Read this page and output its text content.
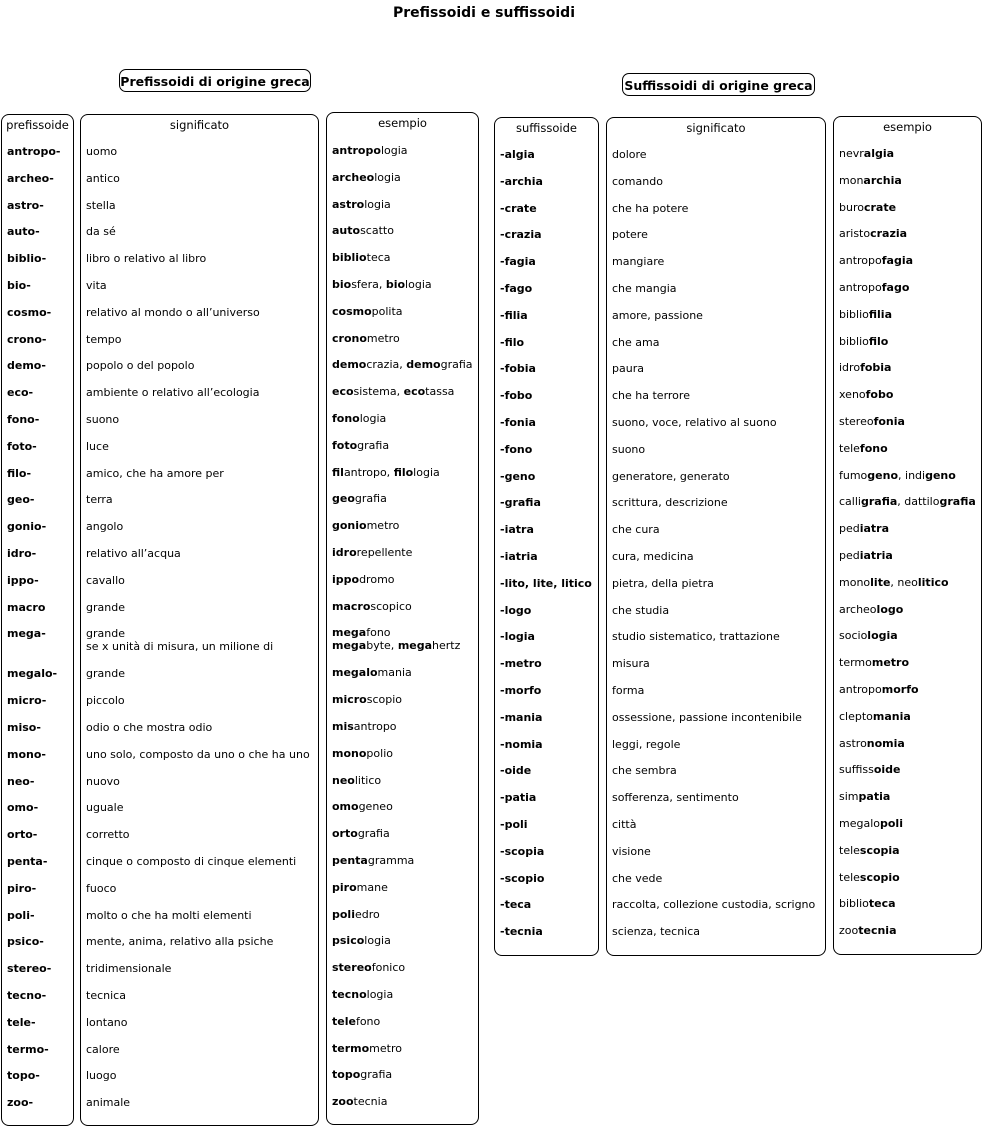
Prefissoidi e suffissoidi
Prefissoidi di origine greca	Suffissoidi di origine greca
prefissoide
antropo-
archeo-
astro-
auto-
biblio-
bio-
cosmo-
crono-
demo-
eco-
fono-
foto-
filo-
geo-
gonio-
idro-
ippo-
macro
mega-
megalo-
micro-
miso-
mono-
neo-
omo-
orto-
penta-
piro-
poli-
psico-
stereo-
tecno-
tele-
termo-
topo-
zoo-
significato
uomo
antico
stella
da sé
libro o relativo al libro
vita
relativo al mondo o all’universo
tempo
popolo o del popolo
ambiente o relativo all’ecologia
suono
luce
amico, che ha amore per
terra
angolo
relativo all’acqua
cavallo
grande
grande
se x unità di misura, un milione di
grande
piccolo
odio o che mostra odio
uno solo, composto da uno o che ha uno
nuovo
uguale
corretto
cinque o composto di cinque elementi
fuoco
molto o che ha molti elementi
mente, anima, relativo alla psiche
tridimensionale
tecnica
lontano
calore
luogo
animale
esempio
antropologia
archeologia
astrologia
autoscatto
biblioteca
biosfera, biologia
cosmopolita
cronometro
democrazia, demografia
ecosistema, ecotassa
fonologia
fotografia
filantropo, filologia
geografia
goniometro
idrorepellente
ippodromo
macroscopico
megafono
megabyte, megahertz
megalomania
microscopio
misantropo
monopolio
neolitico
omogeneo
ortografia
pentagramma
piromane
poliedro
psicologia
stereofonico
tecnologia
telefono
termometro
topografia
zootecnia
suffissoide
-algia
-archia
-crate
-crazia
-fagia
-fago
-filia
-filo
-fobia
-fobo
-fonia
-fono
-geno
-grafia
-iatra
-iatria
-lito, lite, litico
-logo
-logia
-metro
-morfo
-mania
-nomia
-oide
-patia
-poli
-scopia
-scopio
-teca
-tecnia
significato
dolore
comando
che ha potere
potere
mangiare
che mangia
amore, passione
che ama
paura
che ha terrore
suono, voce, relativo al suono
suono
generatore, generato
scrittura, descrizione
che cura
cura, medicina
pietra, della pietra
che studia
studio sistematico, trattazione
misura
forma
ossessione, passione incontenibile
leggi, regole
che sembra
sofferenza, sentimento
città
visione
che vede
raccolta, collezione custodia, scrigno
scienza, tecnica
esempio
nevralgia
monarchia
burocrate
aristocrazia
antropofagia
antropofago
bibliofilia
bibliofilo
idrofobia
xenofobo
stereofonia
telefono
fumogeno, indigeno
calligrafia, dattilografia
pediatra
pediatria
monolite, neolitico
archeologo
sociologia
termometro
antropomorfo
cleptomania
astronomia
suffissoide
simpatia
megalopoli
telescopia
telescopio
biblioteca
zootecnia
